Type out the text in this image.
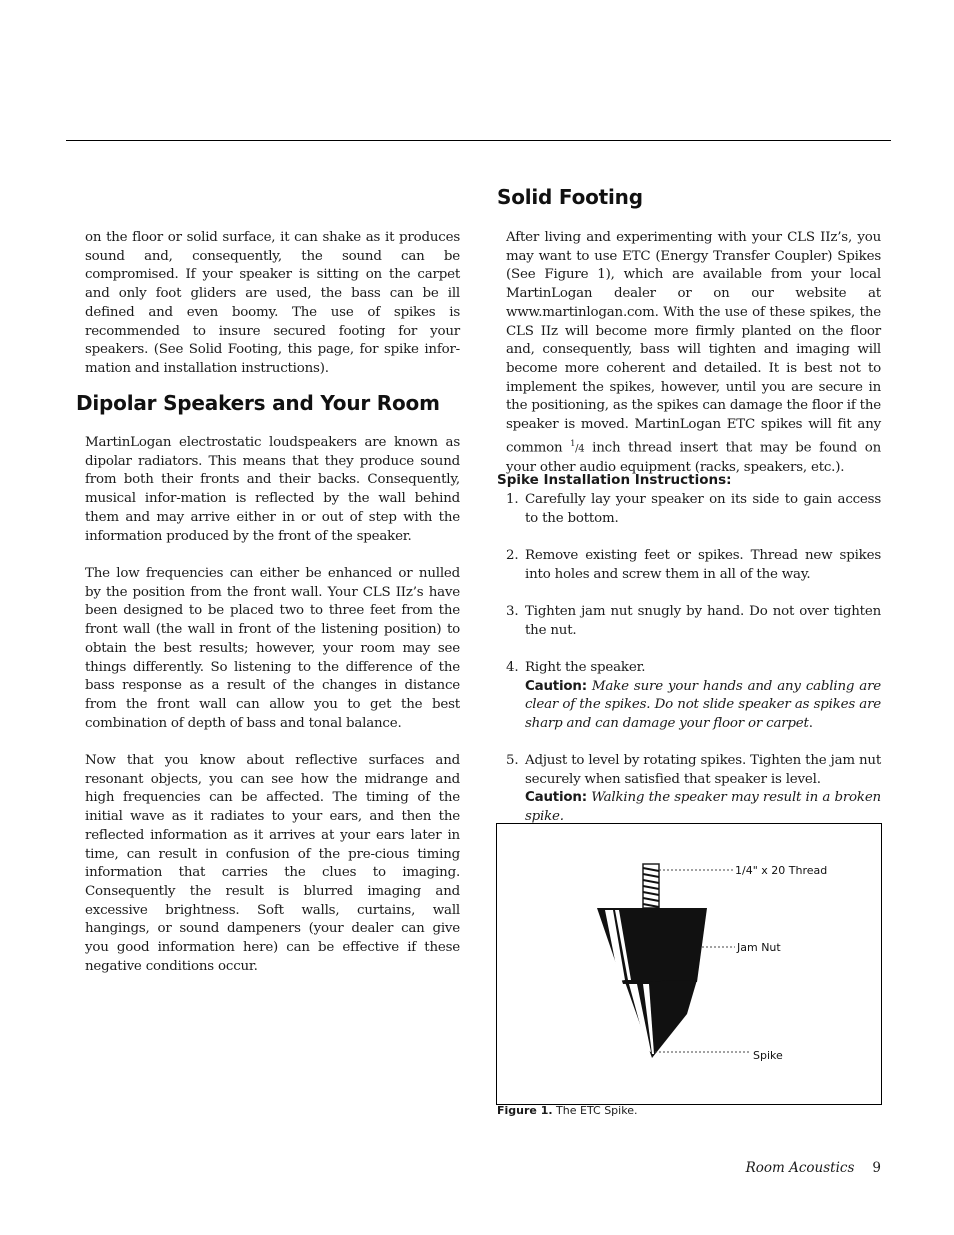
on the floor or solid surface, it can shake as it produces sound and, consequently, the sound can be compromised. If your speaker is sitting on the carpet and only foot gliders are used, the bass can be ill defined and even boomy. The use of spikes is recommended to insure secured footing for your speakers. (See Solid Footing, this page, for spike infor-mation and installation instructions).

Dipolar Speakers and Your Room

MartinLogan electrostatic loudspeakers are known as dipolar radiators. This means that they produce sound from both their fronts and their backs. Consequently, musical infor-mation is reflected by the wall behind them and may arrive either in or out of step with the information produced by the front of the speaker.

The low frequencies can either be enhanced or nulled by the position from the front wall. Your CLS IIz’s have been designed to be placed two to three feet from the front wall (the wall in front of the listening position) to obtain the best results; however, your room may see things differently. So listening to the difference of the bass response as a result of the changes in distance from the front wall can allow you to get the best combination of depth of bass and tonal balance.

Now that you know about reflective surfaces and resonant objects, you can see how the midrange and high frequencies can be affected. The timing of the initial wave as it radiates to your ears, and then the reflected information as it arrives at your ears later in time, can result in confusion of the pre-cious timing information that carries the clues to imaging. Consequently the result is blurred imaging and excessive brightness. Soft walls, curtains, wall hangings, or sound dampeners (your dealer can give you good information here) can be effective if these negative conditions occur.

Solid Footing

After living and experimenting with your CLS IIz’s, you may want to use ETC (Energy Transfer Coupler) Spikes (See Figure 1), which are available from your local MartinLogan dealer or on our website at www.martinlogan.com. With the use of these spikes, the CLS IIz will become more firmly planted on the floor and, consequently, bass will tighten and imaging will become more coherent and detailed. It is best not to implement the spikes, however, until you are secure in the positioning, as the spikes can damage the floor if the speaker is moved. MartinLogan ETC spikes will fit any common $^1$/4 inch thread insert that may be found on your other audio equipment (racks, speakers, etc.).

Spike Installation Instructions:
1. Carefully lay your speaker on its side to gain access to the bottom.
2. Remove existing feet or spikes. Thread new spikes into holes and screw them in all of the way.
3. Tighten jam nut snugly by hand. Do not over tighten the nut.
4. Right the speaker.
Caution: Make sure your hands and any cabling are clear of the spikes. Do not slide speaker as spikes are sharp and can damage your floor or carpet.
5. Adjust to level by rotating spikes. Tighten the jam nut securely when satisfied that speaker is level.
Caution: Walking the speaker may result in a broken spike.
1/4" x 20 Thread
Jam Nut
Spike
Figure 1. The ETC Spike.
Room Acoustics 9
